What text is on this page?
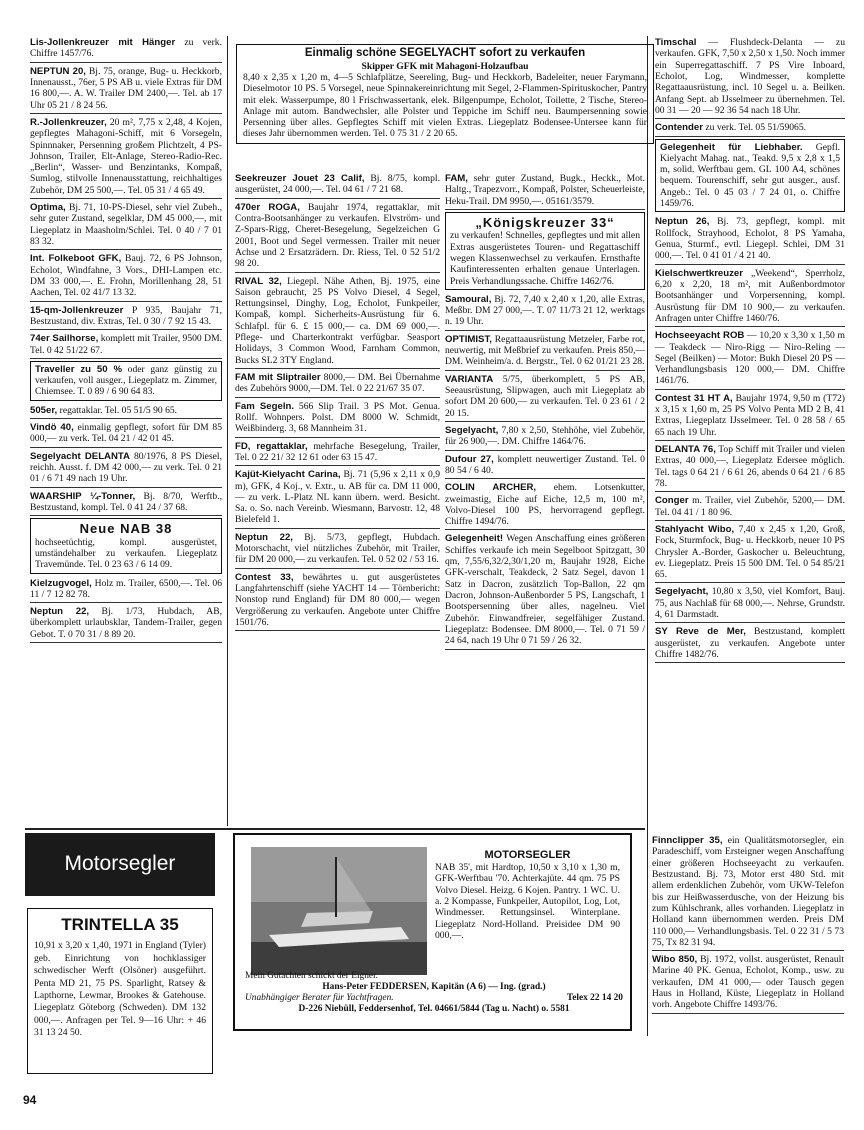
Einmalig schöne SEGELYACHT sofort zu verkaufen
Skipper GFK mit Mahagoni-Holzaufbau
8,40 x 2,35 x 1,20 m, 4—5 Schlafplätze, Seereling, Bug- und Heckkorb, Badeleiter, neuer Farymann, Dieselmotor 10 PS. 5 Vorsegel, neue Spinnakereinrichtung mit Segel, 2-Flammen-Spirituskocher, Pantry mit elek. Wasserpumpe, 80 l Frischwassertank, elek. Bilgenpumpe, Echolot, Toilette, 2 Tische, Stereo-Anlage mit autom. Bandwechsler, alle Polster und Teppiche im Schiff neu. Baumpersenning sowie Persenning über alles. Gepflegtes Schiff mit vielen Extras. Liegeplatz Bodensee-Untersee kann für dieses Jahr übernommen werden. Tel. 0 75 31 / 2 20 65.
Lis-Jollenkreuzer mit Hänger zu verk. Chiffre 1457/76.
NEPTUN 20, Bj. 75, orange, Bug- u. Heckkorb, Innenausst., 76er, 5 PS AB u. viele Extras für DM 16 800,—. A. W. Trailer DM 2400,—. Tel. ab 17 Uhr 05 21 / 8 24 56.
R.-Jollenkreuzer, 20 m², 7,75 x 2,48, 4 Kojen, gepflegtes Mahagoni-Schiff, mit 6 Vorsegeln, Spinnnaker, Persenning großem Plichtzelt, 4 PS-Johnson, Trailer, Elt-Anlage, Stereo-Radio-Rec. „Berlin“, Wasser- und Benzintanks, Kompaß, Sumlog, stilvolle Innenausstattung, reichhaltiges Zubehör, DM 25 500,—. Tel. 05 31 / 4 65 49.
Optima, Bj. 71, 10-PS-Diesel, sehr viel Zubeh., sehr guter Zustand, segelklar, DM 45 000,—, mit Liegeplatz in Maasholm/Schlei. Tel. 0 40 / 7 01 83 32.
Int. Folkeboot GFK, Bauj. 72, 6 PS Johnson, Echolot, Windfahne, 3 Vors., DHI-Lampen etc. DM 33 000,—. E. Frohn, Morillenhang 28, 51 Aachen, Tel. 02 41/7 13 32.
15-qm-Jollenkreuzer P 935, Baujahr 71, Bestzustand, div. Extras, Tel. 0 30 / 7 92 15 43.
74er Sailhorse, komplett mit Trailer, 9500 DM. Tel. 0 42 51/22 67.
Traveller zu 50 % oder ganz günstig zu verkaufen, voll ausger., Liegeplatz m. Zimmer, Chiemsee. T. 0 89 / 6 90 64 83.
505er, regattaklar. Tel. 05 51/5 90 65.
Vindö 40, einmalig gepflegt, sofort für DM 85 000,— zu verk. Tel. 04 21 / 42 01 45.
Segelyacht DELANTA 80/1976, 8 PS Diesel, reichh. Ausst. f. DM 42 000,— zu verk. Tel. 0 21 01 / 6 71 49 nach 19 Uhr.
WAARSHIP ¼-Tonner, Bj. 8/70, Werftb., Bestzustand, kompl. Tel. 0 41 24 / 37 68.
Neue NAB 38
hochseetüchtig, kompl. ausgerüstet, umständehalber zu verkaufen. Liegeplatz Travemünde. Tel. 0 23 63 / 6 14 09.
Kielzugvogel, Holz m. Trailer, 6500,—. Tel. 06 11 / 7 12 82 78.
Neptun 22, Bj. 1/73, Hubdach, AB, überkomplett urlaubsklar, Tandem-Trailer, gegen Gebot. T. 0 70 31 / 8 89 20.
Seekreuzer Jouet 23 Calif, Bj. 8/75, kompl. ausgerüstet, 24 000,—. Tel. 04 61 / 7 21 68.
470er ROGA, Baujahr 1974, regattaklar, mit Contra-Bootsanhänger zu verkaufen. Elvström- und Z-Spars-Rigg, Cheret-Besegelung, Segelzeichen G 2001, Boot und Segel vermessen. Trailer mit neuer Achse und 2 Ersatzrädern. Dr. Riess, Tel. 0 52 51/2 98 20.
RIVAL 32, Liegepl. Nähe Athen, Bj. 1975, eine Saison gebraucht, 25 PS Volvo Diesel, 4 Segel, Rettungsinsel, Dinghy, Log, Echolot, Funkpeiler, Kompaß, kompl. Sicherheits-Ausrüstung für 6. Schlafpl. für 6. £ 15 000,— ca. DM 69 000,—. Pflege- und Charterkontrakt verfügbar. Seasport Holidays, 3 Common Wood, Farnham Common, Bucks SL2 3TY England.
FAM mit Sliptrailer 8000,— DM. Bei Übernahme des Zubehörs 9000,—DM. Tel. 0 22 21/67 35 07.
Fam Segeln. 566 Slip Trail. 3 PS Mot. Genua. Rollf. Wohnpers. Polst. DM 8000 W. Schmidt, Weißbinderg. 3, 68 Mannheim 31.
FD, regattaklar, mehrfache Besegelung, Trailer, Tel. 0 22 21/ 32 12 61 oder 63 15 47.
Kajüt-Kielyacht Carina, Bj. 71 (5,96 x 2,11 x 0,9 m), GFK, 4 Koj., v. Extr., u. AB für ca. DM 11 000,— zu verk. L-Platz NL kann übern. werd. Besicht. Sa. o. So. nach Vereinb. Wiesmann, Barvostr. 12, 48 Bielefeld 1.
Neptun 22, Bj. 5/73, gepflegt, Hubdach. Motorschacht, viel nützliches Zubehör, mit Trailer, für DM 20 000,— zu verkaufen. Tel. 0 52 02 / 53 16.
Contest 33, bewährtes u. gut ausgerüstetes Langfahrtenschiff (siehe YACHT 14 — Törnbericht: Nonstop rund England) für DM 80 000,— wegen Vergrößerung zu verkaufen. Angebote unter Chiffre 1501/76.
FAM, sehr guter Zustand, Bugk., Heckk., Mot. Haltg., Trapezvorr., Kompaß, Polster, Scheuerleiste, Heku-Trail. DM 9950,—. 05161/3579.
„Königskreuzer 33“
zu verkaufen! Schnelles, gepflegtes und mit allen Extras ausgerüstetes Touren- und Regattaschiff wegen Klassenwechsel zu verkaufen. Ernsthafte Kaufinteressenten erhalten genaue Unterlagen. Preis Verhandlungssache. Chiffre 1462/76.
Samoural, Bj. 72, 7,40 x 2,40 x 1,20, alle Extras, Meßbr. DM 27 000,—. T. 07 11/73 21 12, werktags n. 19 Uhr.
OPTIMIST, Regattaausrüstung Metzeler, Farbe rot, neuwertig, mit Meßbrief zu verkaufen. Preis 850,— DM. Weinheim/a. d. Bergstr., Tel. 0 62 01/21 23 28.
VARIANTA 5/75, überkomplett, 5 PS AB, Seeausrüstung, Slipwagen, auch mit Liegeplatz ab sofort DM 20 600,— zu verkaufen. Tel. 0 23 61 / 2 20 15.
Segelyacht, 7,80 x 2,50, Stehhöhe, viel Zubehör, für 26 900,—. DM. Chiffre 1464/76.
Dufour 27, komplett neuwertiger Zustand. Tel. 0 80 54 / 6 40.
COLIN ARCHER, ehem. Lotsenkutter, zweimastig, Eiche auf Eiche, 12,5 m, 100 m², Volvo-Diesel 100 PS, hervorragend gepflegt. Chiffre 1494/76.
Gelegenheit! Wegen Anschaffung eines größeren Schiffes verkaufe ich mein Segelboot Spitzgatt, 30 qm, 7,55/6,32/2,30/1,20 m, Baujahr 1928, Eiche GFK-verschalt, Teakdeck, 2 Satz Segel, davon 1 Satz in Dacron, zusätzlich Top-Ballon, 22 qm Dacron, Johnson-Außenborder 5 PS, Langschaft, 1 Bootspersenning über alles, nagelneu. Viel Zubehör. Einwandfreier, segelfähiger Zustand. Liegeplatz: Bodensee. DM 8000,—. Tel. 0 71 59 / 24 64, nach 19 Uhr 0 71 59 / 26 32.
Timschal — Flushdeck-Delanta — zu verkaufen. GFK, 7,50 x 2,50 x 1,50. Noch immer ein Superregattaschiff. 7 PS Vire Inboard, Echolot, Log, Windmesser, komplette Regattaausrüstung, incl. 10 Segel u. a. Beilken. Anfang Sept. ab IJsselmeer zu übernehmen. Tel. 00 31 — 20 — 92 36 54 nach 18 Uhr.
Contender zu verk. Tel. 05 51/59065.
Gelegenheit für Liebhaber. Gepfl. Kielyacht Mahag. nat., Teakd. 9,5 x 2,8 x 1,5 m, solid. Werftbau gem. GL 100 A4, schönes bequem. Tourenschiff, sehr gut ausger., ausf. Angeb.: Tel. 0 45 03 / 7 24 01, o. Chiffre 1459/76.
Neptun 26, Bj. 73, gepflegt, kompl. mit Rollfock, Strayhood, Echolot, 8 PS Yamaha, Genua, Sturmf., evtl. Liegepl. Schlei, DM 31 000,—. Tel. 0 41 01 / 4 21 40.
Kielschwertkreuzer „Weekend“, Sperrholz, 6,20 x 2,20, 18 m², mit Außenbordmotor Bootsanhänger und Vorpersenning, kompl. Ausrüstung für DM 10 900,— zu verkaufen. Anfragen unter Chiffre 1460/76.
Hochseeyacht ROB — 10,20 x 3,30 x 1,50 m — Teakdeck — Niro-Rigg — Niro-Reling — Segel (Beilken) — Motor: Bukh Diesel 20 PS — Verhandlungsbasis 120 000,— DM. Chiffre 1461/76.
Contest 31 HT A, Baujahr 1974, 9,50 m (T72) x 3,15 x 1,60 m, 25 PS Volvo Penta MD 2 B, 41 Extras, Liegeplatz IJsselmeer. Tel. 0 28 58 / 65 65 nach 19 Uhr.
DELANTA 76, Top Schiff mit Trailer und vielen Extras, 40 000,—, Liegeplatz Edersee möglich. Tel. tags 0 64 21 / 6 61 26, abends 0 64 21 / 6 85 78.
Conger m. Trailer, viel Zubehör, 5200,— DM. Tel. 04 41 / 1 80 96.
Stahlyacht Wibo, 7,40 x 2,45 x 1,20, Groß, Fock, Sturmfock, Bug- u. Heckkorb, neuer 10 PS Chrysler A.-Border, Gaskocher u. Beleuchtung, ev. Liegeplatz. Preis 15 500 DM. Tel. 0 54 85/21 65.
Segelyacht, 10,80 x 3,50, viel Komfort, Bauj. 75, aus Nachlaß für 68 000,—. Nehrse, Grundstr. 4, 61 Darmstadt.
SY Reve de Mer, Bestzustand, komplett ausgerüstet, zu verkaufen. Angebote unter Chiffre 1482/76.
Motorsegler
TRINTELLA 35
10,91 x 3,20 x 1,40, 1971 in England (Tyler) geb. Einrichtung von hochklassiger schwedischer Werft (Olsöner) ausgeführt. Penta MD 21, 75 PS. Sparlight, Ratsey & Lapthorne, Lewmar, Brookes & Gatehouse. Liegeplatz Göteborg (Schweden). DM 132 000,—. Anfragen per Tel. 9—16 Uhr: + 46 31 13 24 50.
MOTORSEGLER
NAB 35', mit Hardtop, 10,50 x 3,10 x 1,30 m, GFK-Werftbau '70. Achterkajüte. 44 qm. 75 PS Volvo Diesel. Heizg. 6 Kojen. Pantry. 1 WC. U. a. 2 Kompasse, Funkpeiler, Autopilot, Log, Lot, Windmesser. Rettungsinsel. Winterplane. Liegeplatz Nord-Holland. Preisidee DM 90 000,—.
Mein Gutachten schickt der Eigner.
Hans-Peter FEDDERSEN, Kapitän (A 6) — Ing. (grad.)
Unabhängiger Berater für Yachtfragen.	Telex 22 14 20
D-226 Niebüll, Feddersenhof, Tel. 04661/5844 (Tag u. Nacht) o. 5581
Finnclipper 35, ein Qualitätsmotorsegler, ein Paradeschiff, vom Ersteigner wegen Anschaffung einer größeren Hochseeyacht zu verkaufen. Bestzustand. Bj. 73, Motor erst 480 Std. mit allem erdenklichen Zubehör, vom UKW-Telefon bis zur Heißwasserdusche, von der Heizung bis zum Kühlschrank, alles vorhanden. Liegeplatz in Holland kann übernommen werden. Preis DM 110 000,— Verhandlungsbasis. Tel. 0 22 31 / 5 73 75, Tx 82 31 94.
Wibo 850, Bj. 1972, vollst. ausgerüstet, Renault Marine 40 PK. Genua, Echolot, Komp., usw. zu verkaufen, DM 41 000,— oder Tausch gegen Haus in Holland, Küste, Liegeplatz in Holland vorh. Angebote Chiffre 1493/76.
94
